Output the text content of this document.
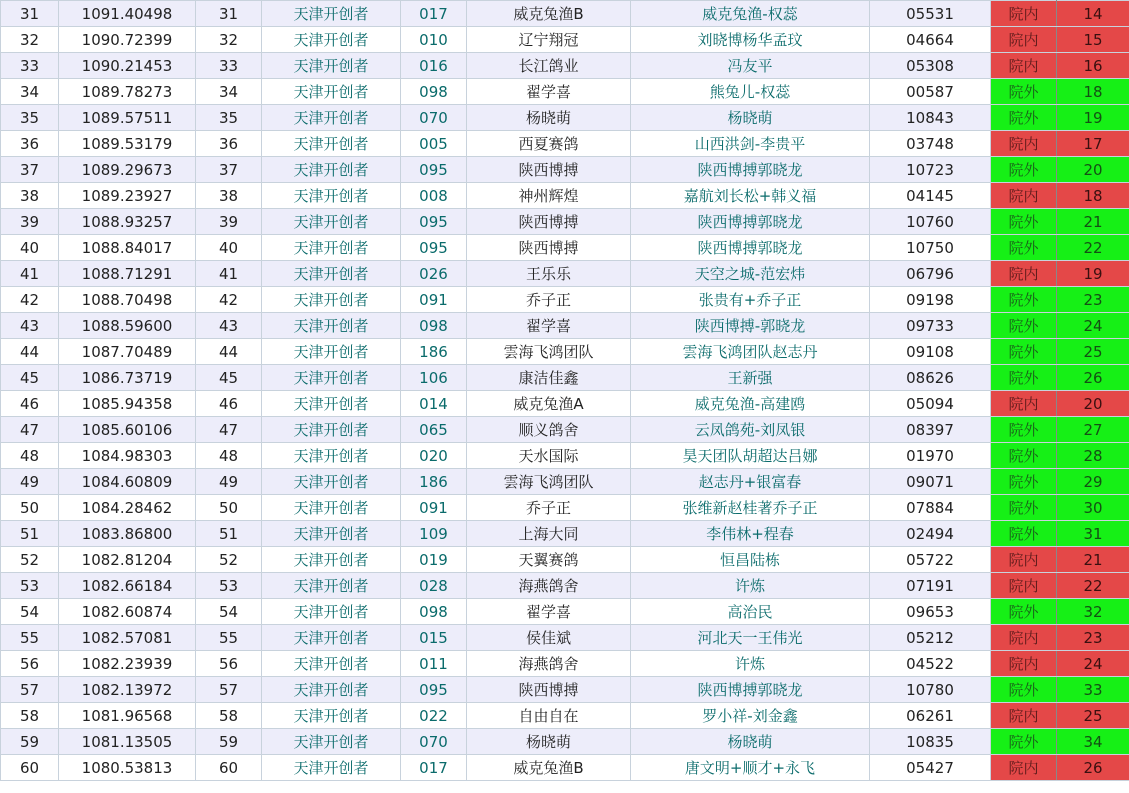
31	1091.40498	31	天津开创者	017	威克兔渔B	威克兔渔-权蕊	05531	院内	14
32	1090.72399	32	天津开创者	010	辽宁翔冠	刘晓博杨华孟玟	04664	院内	15
33	1090.21453	33	天津开创者	016	长江鸽业	冯友平	05308	院内	16
34	1089.78273	34	天津开创者	098	翟学喜	熊兔儿-权蕊	00587	院外	18
35	1089.57511	35	天津开创者	070	杨晓萌	杨晓萌	10843	院外	19
36	1089.53179	36	天津开创者	005	西夏赛鸽	山西洪剑-李贵平	03748	院内	17
37	1089.29673	37	天津开创者	095	陕西博搏	陕西博搏郭晓龙	10723	院外	20
38	1089.23927	38	天津开创者	008	神州辉煌	嘉航刘长松+韩义福	04145	院内	18
39	1088.93257	39	天津开创者	095	陕西博搏	陕西博搏郭晓龙	10760	院外	21
40	1088.84017	40	天津开创者	095	陕西博搏	陕西博搏郭晓龙	10750	院外	22
41	1088.71291	41	天津开创者	026	王乐乐	天空之城-范宏炜	06796	院内	19
42	1088.70498	42	天津开创者	091	乔子正	张贵有+乔子正	09198	院外	23
43	1088.59600	43	天津开创者	098	翟学喜	陕西博搏-郭晓龙	09733	院外	24
44	1087.70489	44	天津开创者	186	雲海飞鸿团队	雲海飞鸿团队赵志丹	09108	院外	25
45	1086.73719	45	天津开创者	106	康洁佳鑫	王新强	08626	院外	26
46	1085.94358	46	天津开创者	014	威克兔渔A	威克兔渔-高建鸥	05094	院内	20
47	1085.60106	47	天津开创者	065	顺义鸽舍	云凤鸽苑-刘凤银	08397	院外	27
48	1084.98303	48	天津开创者	020	天水国际	昊天团队胡超达吕娜	01970	院外	28
49	1084.60809	49	天津开创者	186	雲海飞鸿团队	赵志丹+银富春	09071	院外	29
50	1084.28462	50	天津开创者	091	乔子正	张维新赵桂著乔子正	07884	院外	30
51	1083.86800	51	天津开创者	109	上海大同	李伟林+程春	02494	院外	31
52	1082.81204	52	天津开创者	019	天翼赛鸽	恒昌陆栋	05722	院内	21
53	1082.66184	53	天津开创者	028	海燕鸽舍	许炼	07191	院内	22
54	1082.60874	54	天津开创者	098	翟学喜	高治民	09653	院外	32
55	1082.57081	55	天津开创者	015	侯佳斌	河北天一王伟光	05212	院内	23
56	1082.23939	56	天津开创者	011	海燕鸽舍	许炼	04522	院内	24
57	1082.13972	57	天津开创者	095	陕西博搏	陕西博搏郭晓龙	10780	院外	33
58	1081.96568	58	天津开创者	022	自由自在	罗小祥-刘金鑫	06261	院内	25
59	1081.13505	59	天津开创者	070	杨晓萌	杨晓萌	10835	院外	34
60	1080.53813	60	天津开创者	017	威克兔渔B	唐文明+顺才+永飞	05427	院内	26
